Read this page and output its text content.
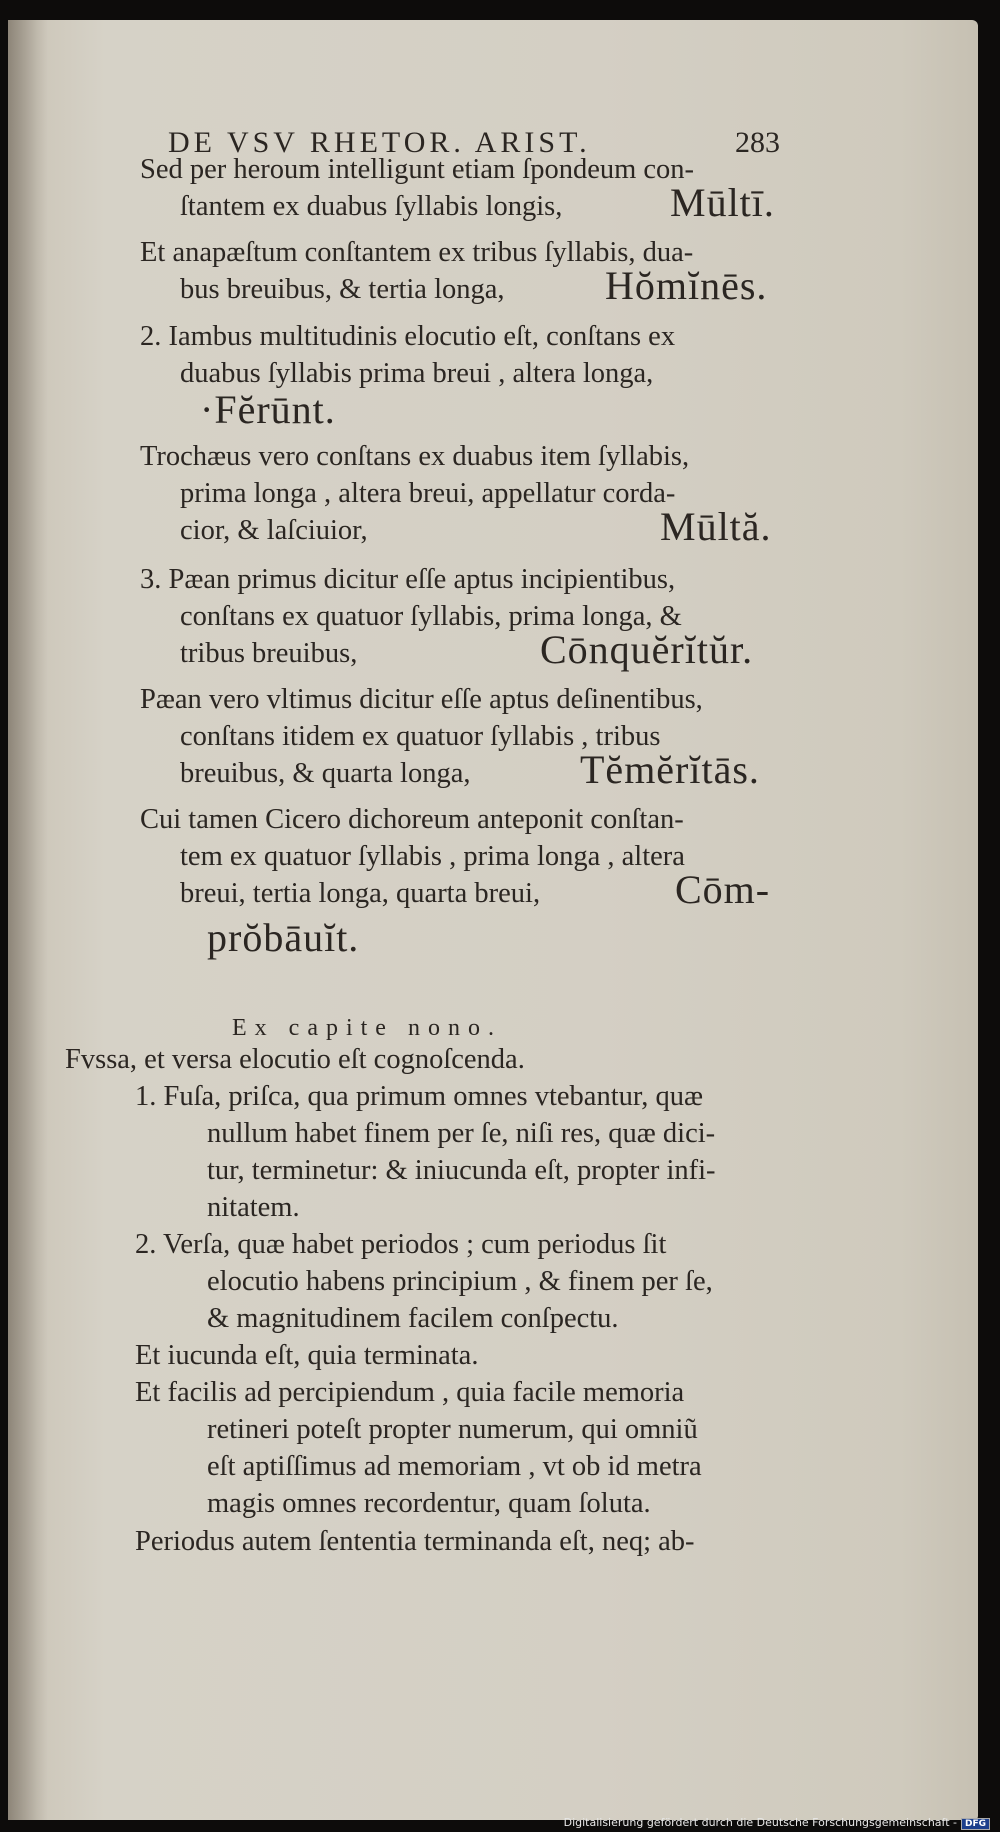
DE VSV RHETOR. ARIST.	283
Sed per heroum intelligunt etiam ſpondeum con-
ſtantem ex duabus ſyllabis longis,
Et anapæſtum conſtantem ex tribus ſyllabis, dua-
bus breuibus, & tertia longa,
2. Iambus multitudinis elocutio eſt, conſtans ex
duabus ſyllabis prima breui , altera longa,
Trochæus vero conſtans ex duabus item ſyllabis,
prima longa , altera breui, appellatur corda-
cior, & laſciuior,
3. Pæan primus dicitur eſſe aptus incipientibus,
conſtans ex quatuor ſyllabis, prima longa, &
tribus breuibus,
Pæan vero vltimus dicitur eſſe aptus deſinentibus,
conſtans itidem ex quatuor ſyllabis , tribus
breuibus, & quarta longa,
Cui tamen Cicero dichoreum anteponit conſtan-
tem ex quatuor ſyllabis , prima longa , altera
breui, tertia longa, quarta breui,
Fvssa, et versa elocutio eſt cognoſcenda.
1. Fuſa, priſca, qua primum omnes vtebantur, quæ
nullum habet finem per ſe, niſi res, quæ dici-
tur, terminetur: & iniucunda eſt, propter infi-
nitatem.
2. Verſa, quæ habet periodos ; cum periodus ſit
elocutio habens principium , & finem per ſe,
& magnitudinem facilem conſpectu.
Et iucunda eſt, quia terminata.
Et facilis ad percipiendum , quia facile memoria
retineri poteſt propter numerum, qui omniũ
eſt aptiſſimus ad memoriam , vt ob id metra
magis omnes recordentur, quam ſoluta.
Periodus autem ſententia terminanda eſt, neq; ab-
Mūltī.
Hŏmĭnēs.
·Fĕrūnt.
Mūltă.
Cōnquĕrĭtŭr.
Tĕmĕrĭtās.
Cōm-
prŏbāuĭt.
Ex capite nono.
Digitalisierung gefördert durch die Deutsche Forschungsgemeinschaft - DFG
